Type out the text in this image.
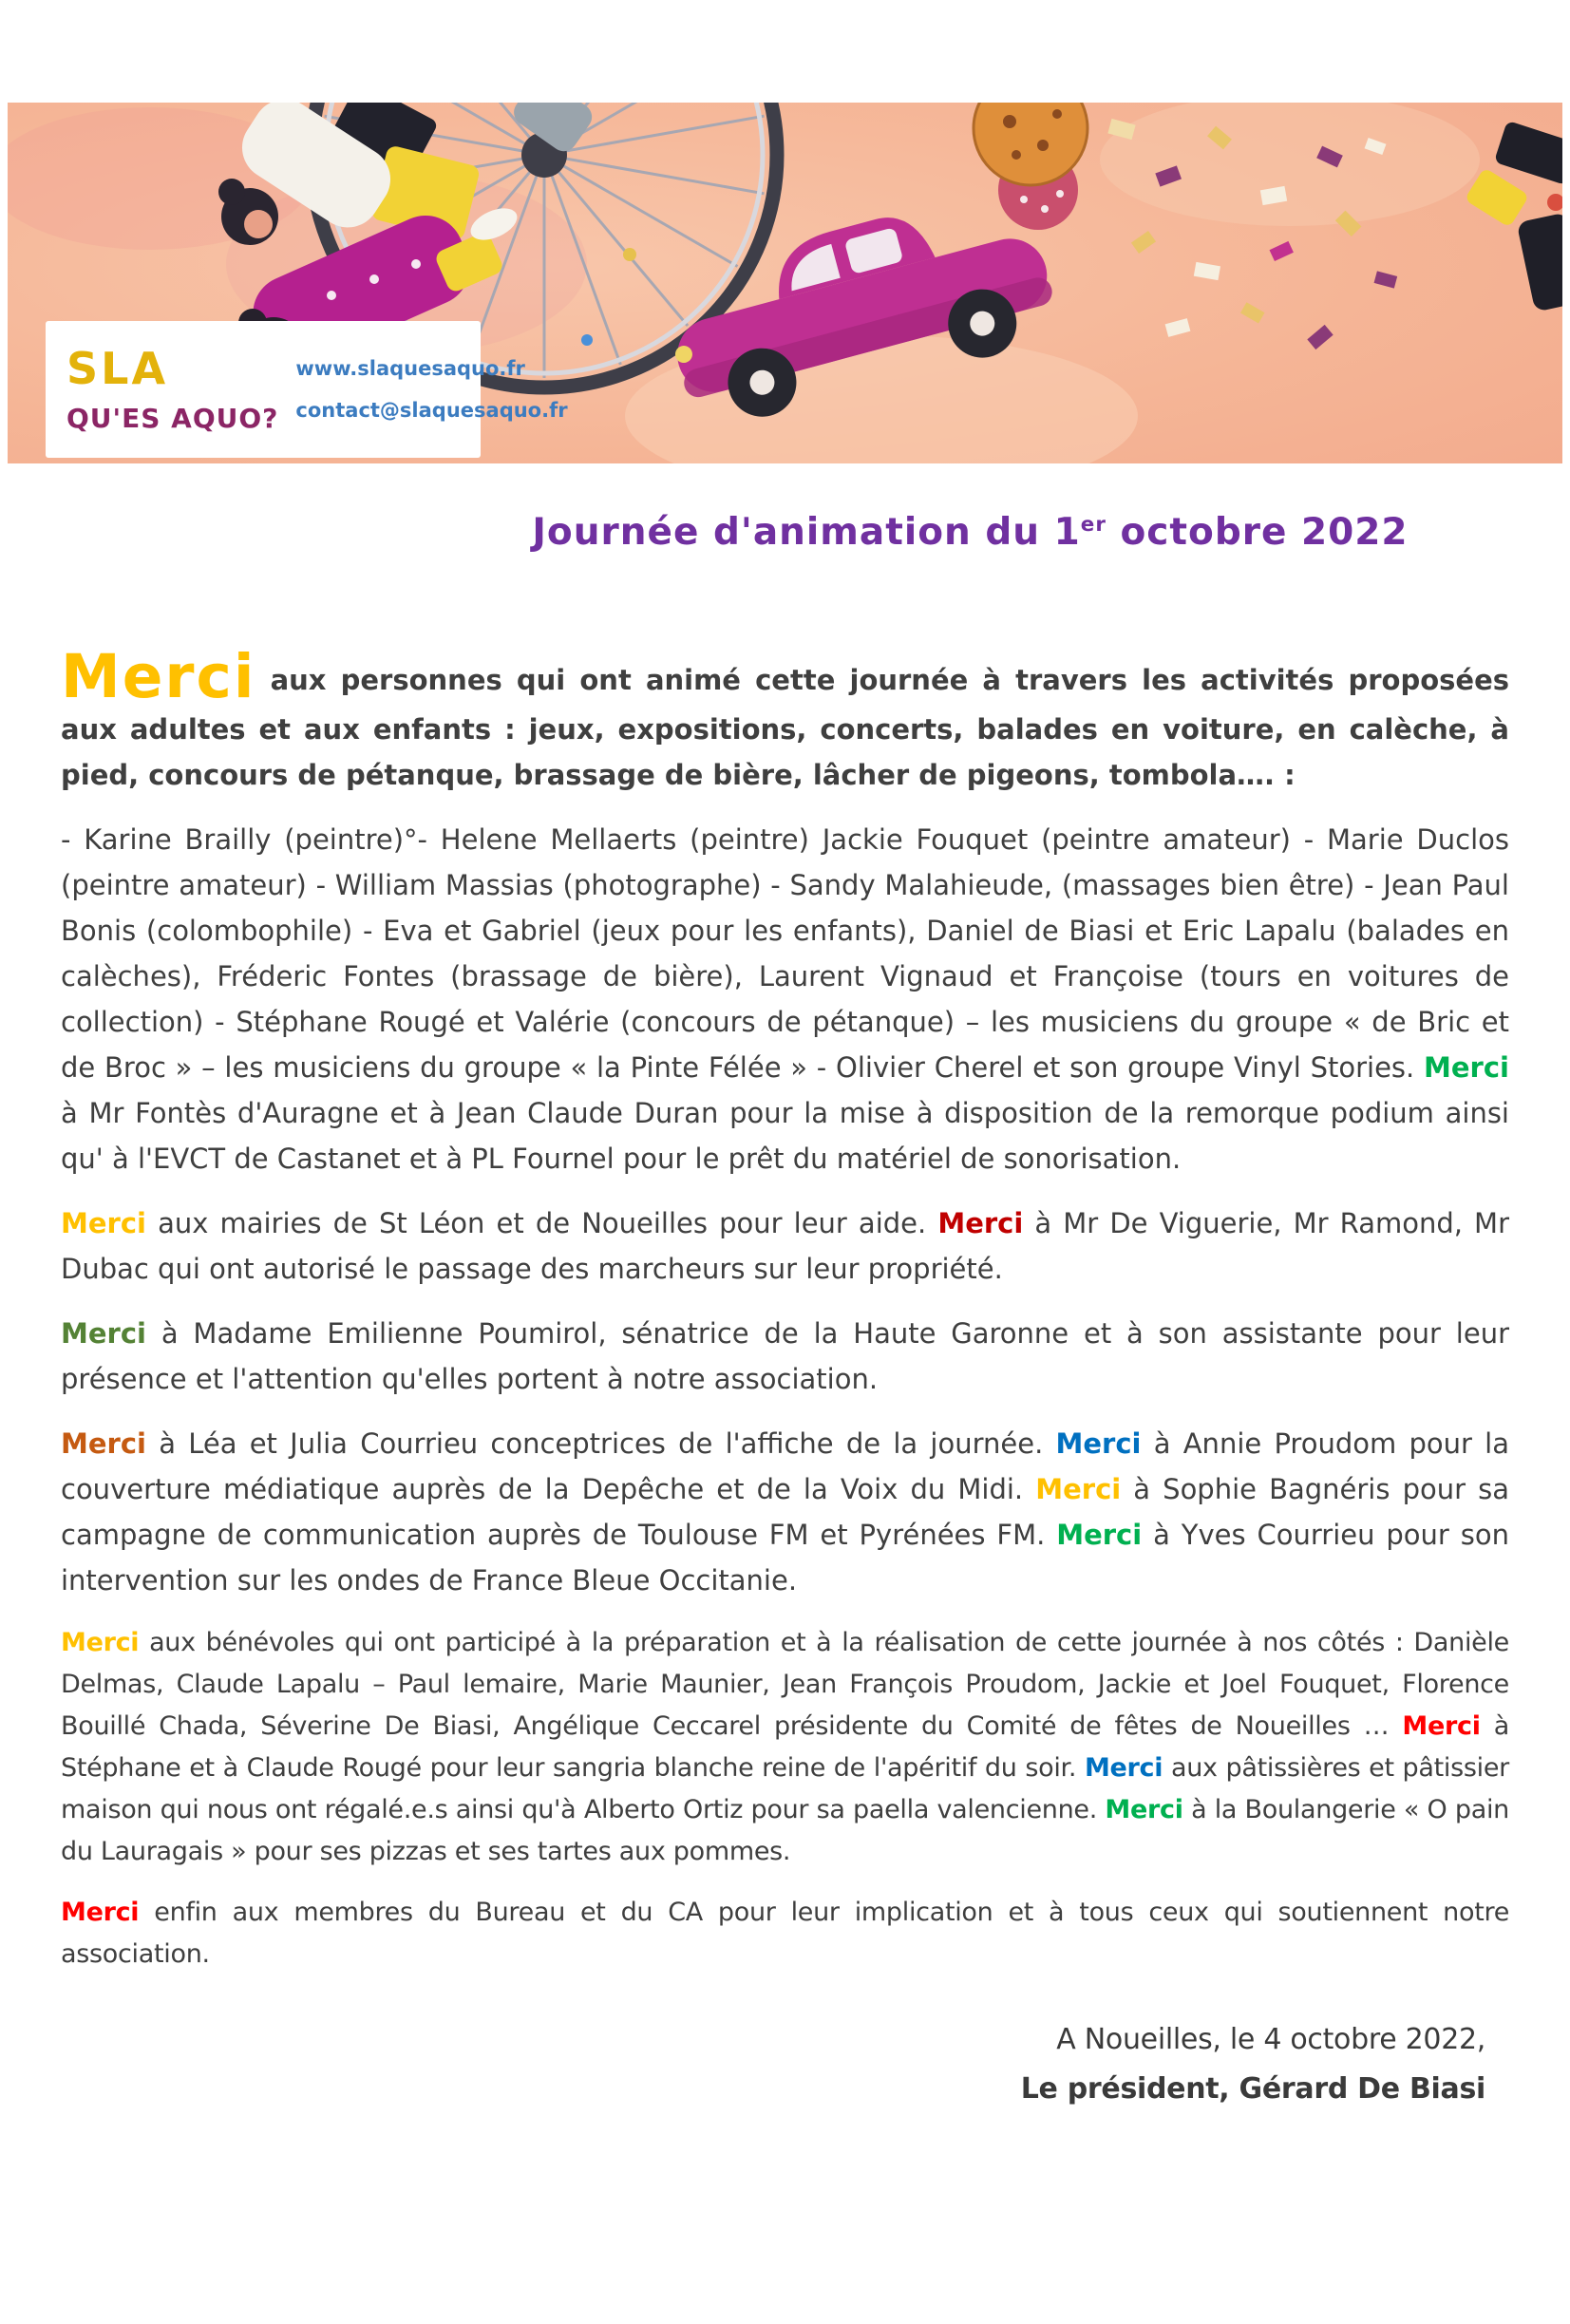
SLA
QU'ES AQUO?
www.slaquesaquo.fr
contact@slaquesaquo.fr
Journée d'animation du 1er octobre 2022

Merci aux personnes qui ont animé cette journée à travers les activités proposées aux adultes et aux enfants : jeux, expositions, concerts, balades en voiture, en calèche, à pied, concours de pétanque, brassage de bière, lâcher de pigeons, tombola…. :

- Karine Brailly (peintre)°- Helene Mellaerts (peintre) Jackie Fouquet (peintre amateur) - Marie Duclos (peintre amateur) - William Massias (photographe) - Sandy Malahieude, (massages bien être) - Jean Paul Bonis (colombophile) - Eva et Gabriel (jeux pour les enfants), Daniel de Biasi et Eric Lapalu (balades en calèches), Fréderic Fontes (brassage de bière), Laurent Vignaud et Françoise (tours en voitures de collection) - Stéphane Rougé et Valérie (concours de pétanque) – les musiciens du groupe « de Bric et de Broc » – les musiciens du groupe « la Pinte Félée » - Olivier Cherel et son groupe Vinyl Stories. Merci à Mr Fontès d'Auragne et à Jean Claude Duran pour la mise à disposition de la remorque podium ainsi qu' à l'EVCT de Castanet et à PL Fournel pour le prêt du matériel de sonorisation.

Merci aux mairies de St Léon et de Noueilles pour leur aide. Merci à Mr De Viguerie, Mr Ramond, Mr Dubac qui ont autorisé le passage des marcheurs sur leur propriété.

Merci à Madame Emilienne Poumirol, sénatrice de la Haute Garonne et à son assistante pour leur présence et l'attention qu'elles portent à notre association.

Merci à Léa et Julia Courrieu conceptrices de l'affiche de la journée. Merci à Annie Proudom pour la couverture médiatique auprès de la Depêche et de la Voix du Midi. Merci à Sophie Bagnéris pour sa campagne de communication auprès de Toulouse FM et Pyrénées FM. Merci à Yves Courrieu pour son intervention sur les ondes de France Bleue Occitanie.

Merci aux bénévoles qui ont participé à la préparation et à la réalisation de cette journée à nos côtés : Danièle Delmas, Claude Lapalu – Paul lemaire, Marie Maunier, Jean François Proudom, Jackie et Joel Fouquet, Florence Bouillé Chada, Séverine De Biasi, Angélique Ceccarel présidente du Comité de fêtes de Noueilles … Merci à Stéphane et à Claude Rougé pour leur sangria blanche reine de l'apéritif du soir. Merci aux pâtissières et pâtissier maison qui nous ont régalé.e.s ainsi qu'à Alberto Ortiz pour sa paella valencienne. Merci à la Boulangerie « O pain du Lauragais » pour ses pizzas et ses tartes aux pommes.

Merci enfin aux membres du Bureau et du CA pour leur implication et à tous ceux qui soutiennent notre association.

A Noueilles, le 4 octobre 2022,
Le président, Gérard De Biasi
